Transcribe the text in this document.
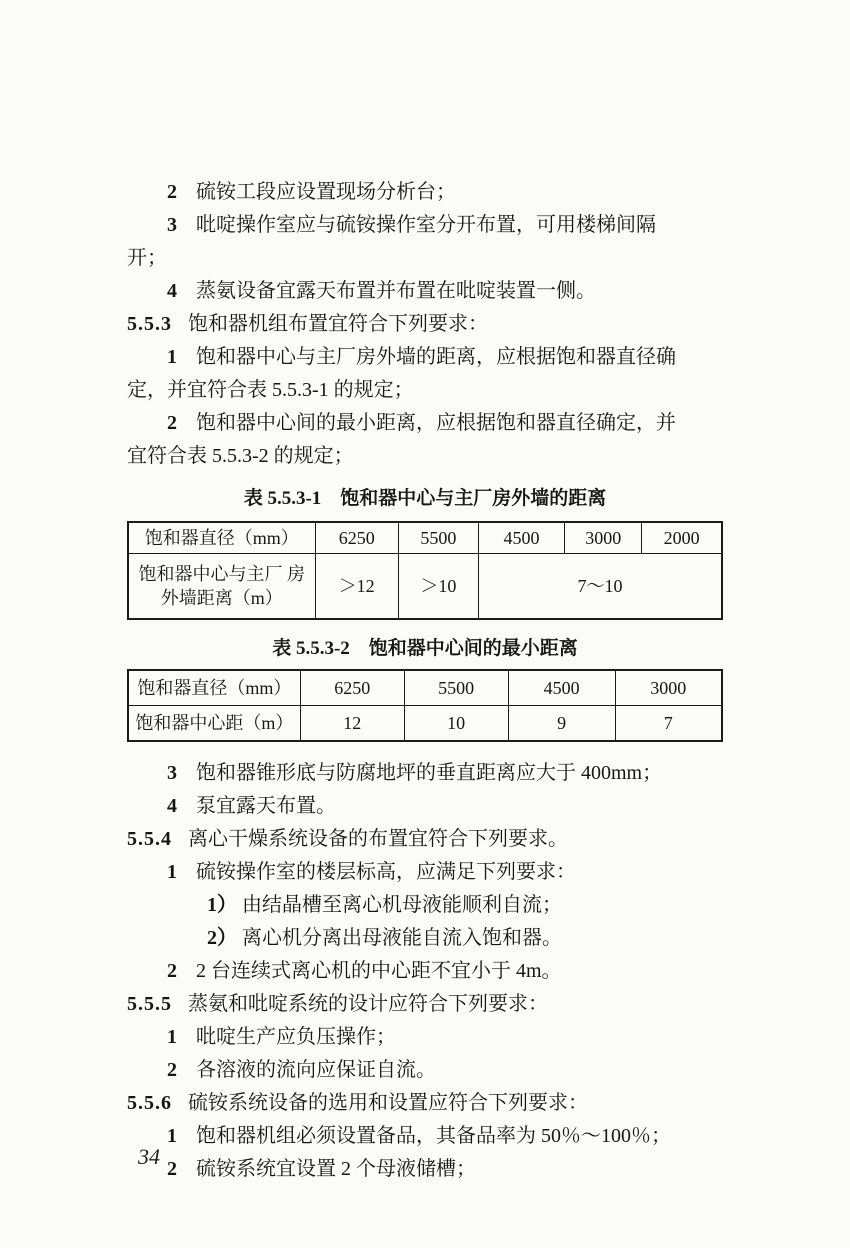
2 硫铵工段应设置现场分析台；

3 吡啶操作室应与硫铵操作室分开布置，可用楼梯间隔开；

4 蒸氨设备宜露天布置并布置在吡啶装置一侧。

5.5.3 饱和器机组布置宜符合下列要求：

1 饱和器中心与主厂房外墙的距离，应根据饱和器直径确定，并宜符合表 5.5.3-1 的规定；

2 饱和器中心间的最小距离，应根据饱和器直径确定，并宜符合表 5.5.3-2 的规定；

表 5.5.3-1　饱和器中心与主厂房外墙的距离
饱和器直径（mm）	6250	5500	4500	3000	2000
饱和器中心与主厂 房外墙距离（m）	＞12	＞10	7～10		
表 5.5.3-2　饱和器中心间的最小距离
饱和器直径（mm）	6250	5500	4500	3000
饱和器中心距（m）	12	10	9	7

3 饱和器锥形底与防腐地坪的垂直距离应大于 400mm；

4 泵宜露天布置。

5.5.4 离心干燥系统设备的布置宜符合下列要求。

1 硫铵操作室的楼层标高，应满足下列要求：

1） 由结晶槽至离心机母液能顺利自流；

2） 离心机分离出母液能自流入饱和器。

2 2 台连续式离心机的中心距不宜小于 4m。

5.5.5 蒸氨和吡啶系统的设计应符合下列要求：

1 吡啶生产应负压操作；

2 各溶液的流向应保证自流。

5.5.6 硫铵系统设备的选用和设置应符合下列要求：

1 饱和器机组必须设置备品，其备品率为 50％～100％；

2 硫铵系统宜设置 2 个母液储槽；

34
